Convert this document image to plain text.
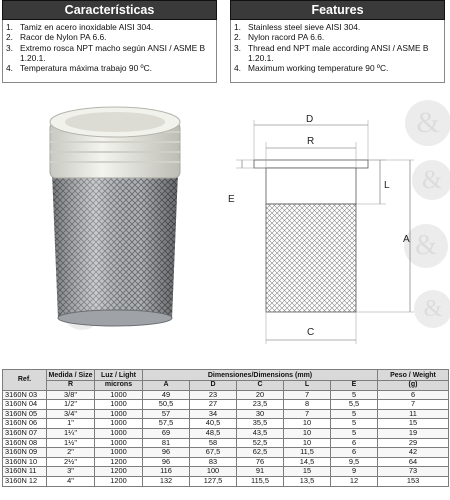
&
&
&
&
Características
1. Tamiz en acero inoxidable AISI 304.
2. Racor de Nylon PA 6.6.
3. Extremo rosca NPT macho según ANSI / ASME B 1.20.1.
4. Temperatura máxima trabajo 90 ºC.
Features
1. Stainless steel sieve AISI 304.
2. Nylon racord PA 6.6.
3. Thread end NPT male according ANSI / ASME B 1.20.1.
4. Maximum working temperature 90 ºC.
D
R
L
E
A
C
Ref.	Medida / Size	Luz / Light	Dimensiones/Dimensions (mm)					Peso / Weight
	R	microns	A	D	C	L	E	(g)
3160N 03	3/8"	1000	49	23	20	7	5	6
3160N 04	1/2"	1000	50,5	27	23,5	8	5,5	7
3160N 05	3/4"	1000	57	34	30	7	5	11
3160N 06	1"	1000	57,5	40,5	35,5	10	5	15
3160N 07	1¼"	1000	69	48,5	43,5	10	5	19
3160N 08	1½"	1000	81	58	52,5	10	6	29
3160N 09	2"	1000	96	67,5	62,5	11,5	6	42
3160N 10	2½"	1200	96	83	76	14,5	9,5	64
3160N 11	3"	1200	116	100	91	15	9	73
3160N 12	4"	1200	132	127,5	115,5	13,5	12	153
